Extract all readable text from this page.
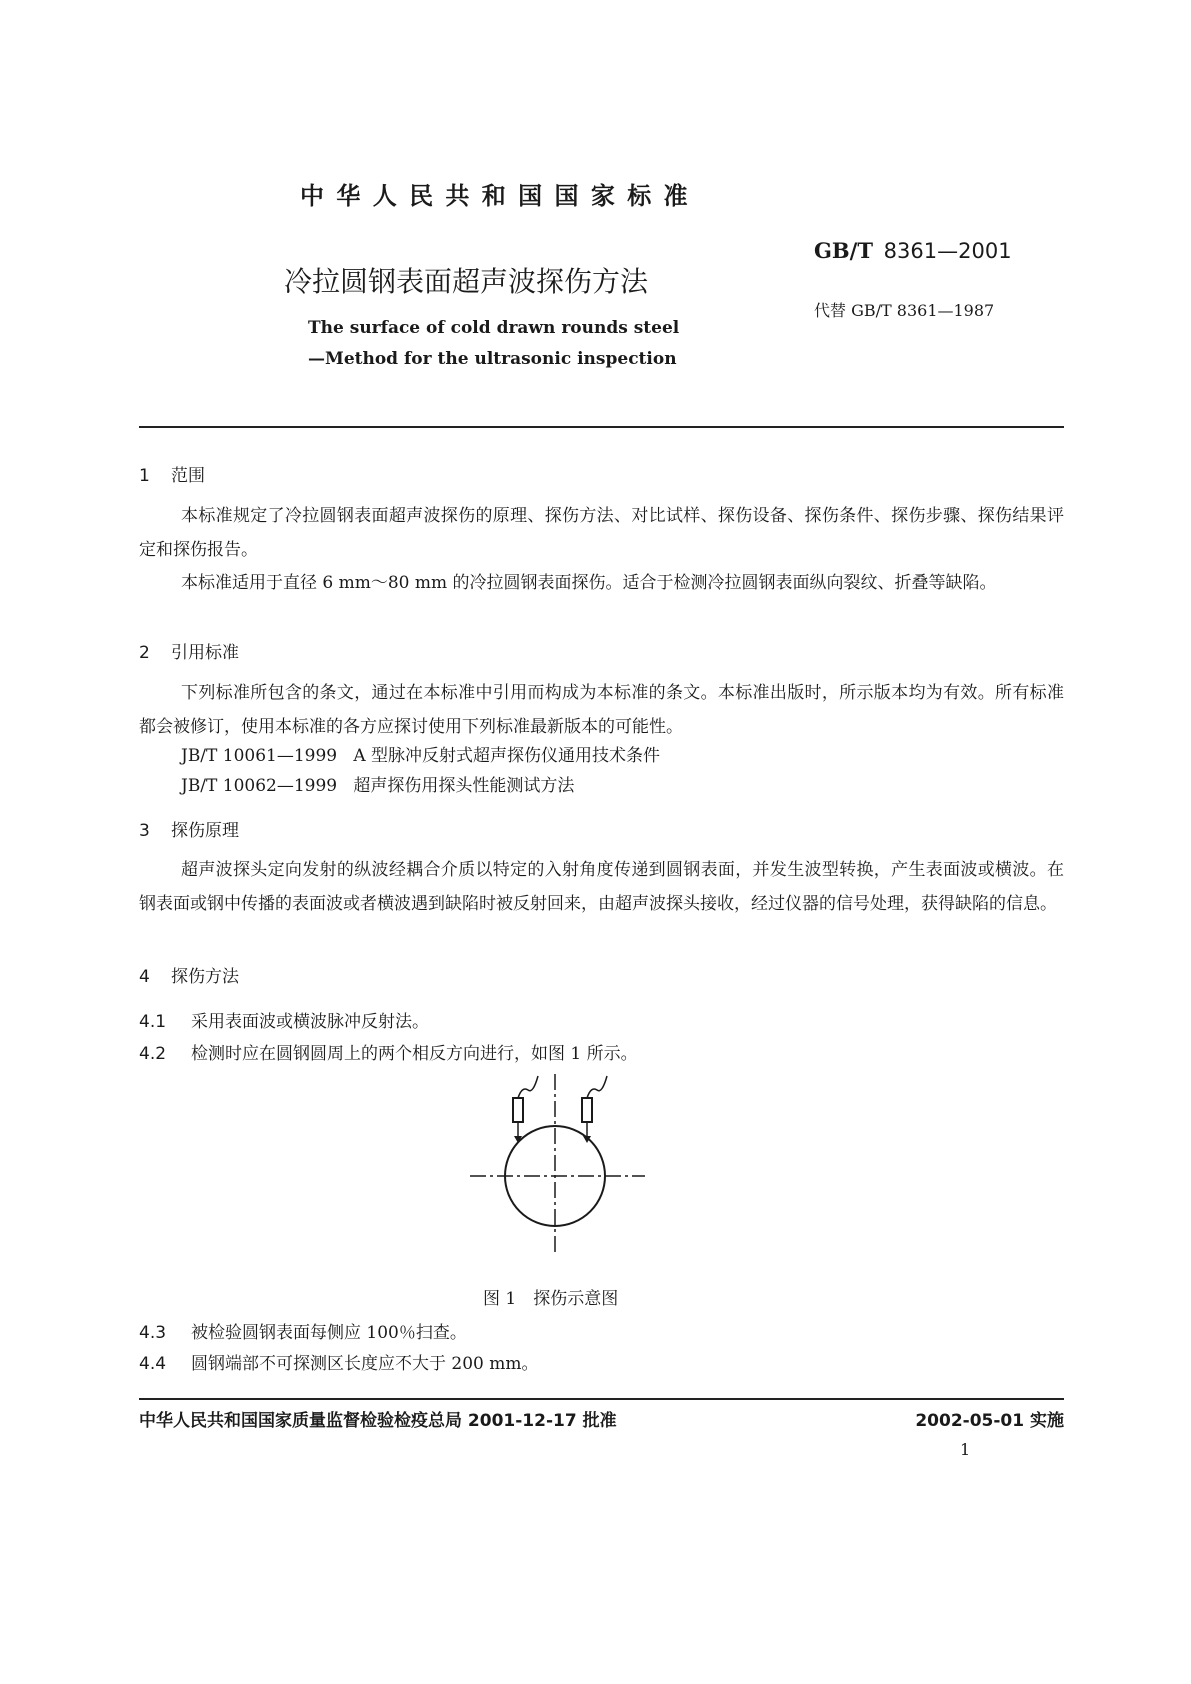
中 华 人 民 共 和 国 国 家 标 准
GB/T 8361—2001
冷拉圆钢表面超声波探伤方法
代替 GB/T 8361—1987
The surface of cold drawn rounds steel
—Method for the ultrasonic inspection
1 范围
本标准规定了冷拉圆钢表面超声波探伤的原理、探伤方法、对比试样、探伤设备、探伤条件、探伤步骤、探伤结果评定和探伤报告。
本标准适用于直径 6 mm～80 mm 的冷拉圆钢表面探伤。适合于检测冷拉圆钢表面纵向裂纹、折叠等缺陷。
2 引用标准
下列标准所包含的条文，通过在本标准中引用而构成为本标准的条文。本标准出版时，所示版本均为有效。所有标准都会被修订，使用本标准的各方应探讨使用下列标准最新版本的可能性。
JB/T 10061—1999   A 型脉冲反射式超声探伤仪通用技术条件
JB/T 10062—1999   超声探伤用探头性能测试方法
3 探伤原理
超声波探头定向发射的纵波经耦合介质以特定的入射角度传递到圆钢表面，并发生波型转换，产生表面波或横波。在钢表面或钢中传播的表面波或者横波遇到缺陷时被反射回来，由超声波探头接收，经过仪器的信号处理，获得缺陷的信息。
4 探伤方法
4.1 采用表面波或横波脉冲反射法。
4.2 检测时应在圆钢圆周上的两个相反方向进行，如图 1 所示。
图 1　探伤示意图
4.3 被检验圆钢表面每侧应 100％扫查。
4.4 圆钢端部不可探测区长度应不大于 200 mm。
中华人民共和国国家质量监督检验检疫总局 2001-12-17 批准	2002-05-01 实施
1
